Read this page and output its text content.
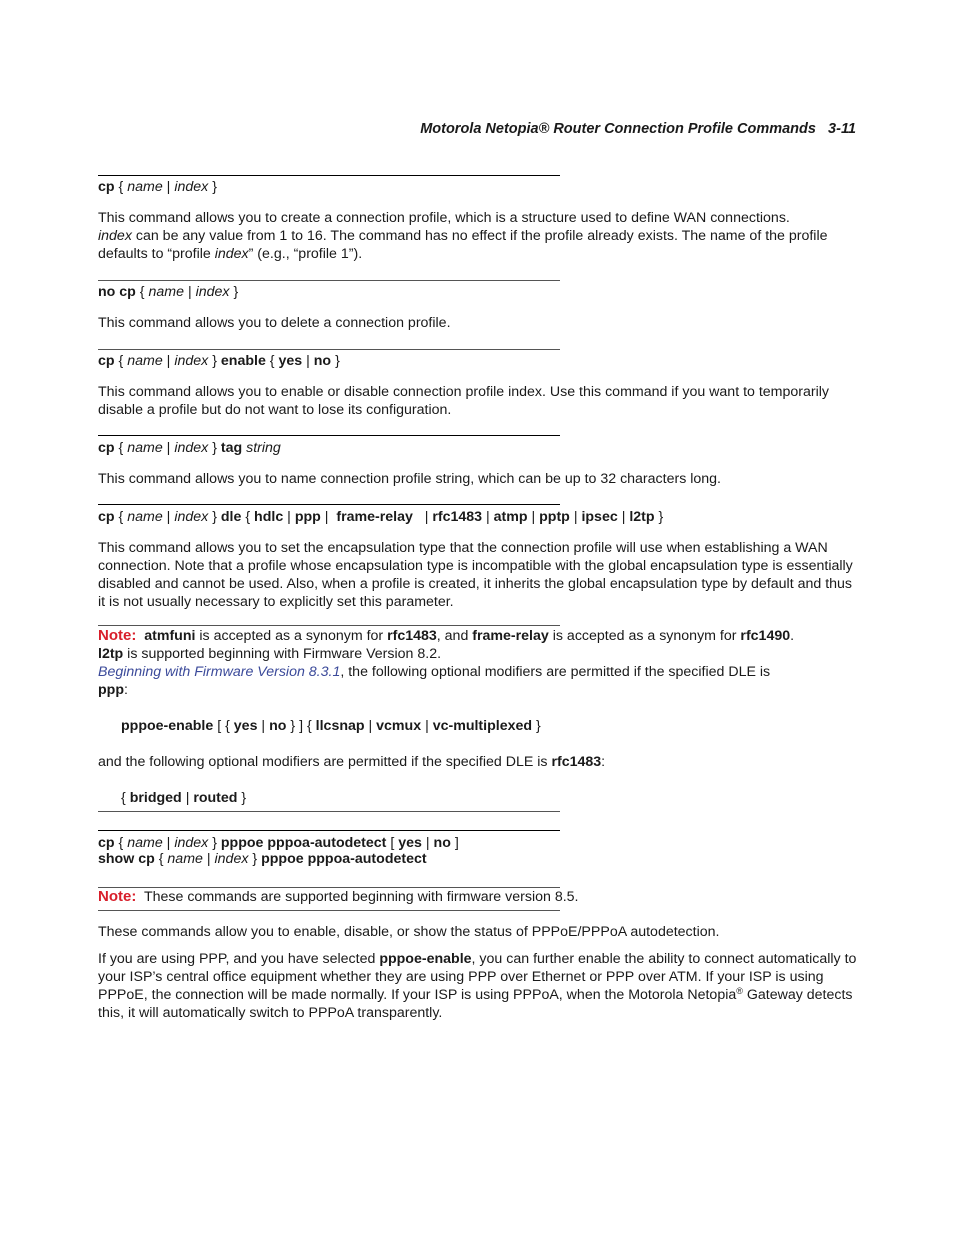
Motorola Netopia® Router Connection Profile Commands 3-11
cp { name | index }
This command allows you to create a connection profile, which is a structure used to define WAN connections.
index can be any value from 1 to 16. The command has no effect if the profile already exists. The name of the profile defaults to “profile index” (e.g., “profile 1”).
no cp { name | index }
This command allows you to delete a connection profile.
cp { name | index } enable { yes | no }
This command allows you to enable or disable connection profile index. Use this command if you want to temporarily disable a profile but do not want to lose its configuration.
cp { name | index } tag string
This command allows you to name connection profile string, which can be up to 32 characters long.
cp { name | index } dle { hdlc | ppp | frame-relay | rfc1483 | atmp | pptp | ipsec | l2tp }
This command allows you to set the encapsulation type that the connection profile will use when establishing a WAN connection. Note that a profile whose encapsulation type is incompatible with the global encapsulation type is essentially disabled and cannot be used. Also, when a profile is created, it inherits the global encapsulation type by default and thus it is not usually necessary to explicitly set this parameter.
Note: atmfuni is accepted as a synonym for rfc1483, and frame-relay is accepted as a synonym for rfc1490.
l2tp is supported beginning with Firmware Version 8.2.
Beginning with Firmware Version 8.3.1, the following optional modifiers are permitted if the specified DLE is
ppp:
pppoe-enable [ { yes | no } ] { llcsnap | vcmux | vc-multiplexed }
and the following optional modifiers are permitted if the specified DLE is rfc1483:
{ bridged | routed }
cp { name | index } pppoe pppoa-autodetect [ yes | no ]
show cp { name | index } pppoe pppoa-autodetect
Note: These commands are supported beginning with firmware version 8.5.
These commands allow you to enable, disable, or show the status of PPPoE/PPPoA autodetection.
If you are using PPP, and you have selected pppoe-enable, you can further enable the ability to connect automatically to your ISP’s central office equipment whether they are using PPP over Ethernet or PPP over ATM. If your ISP is using PPPoE, the connection will be made normally. If your ISP is using PPPoA, when the Motorola Netopia® Gateway detects this, it will automatically switch to PPPoA transparently.
